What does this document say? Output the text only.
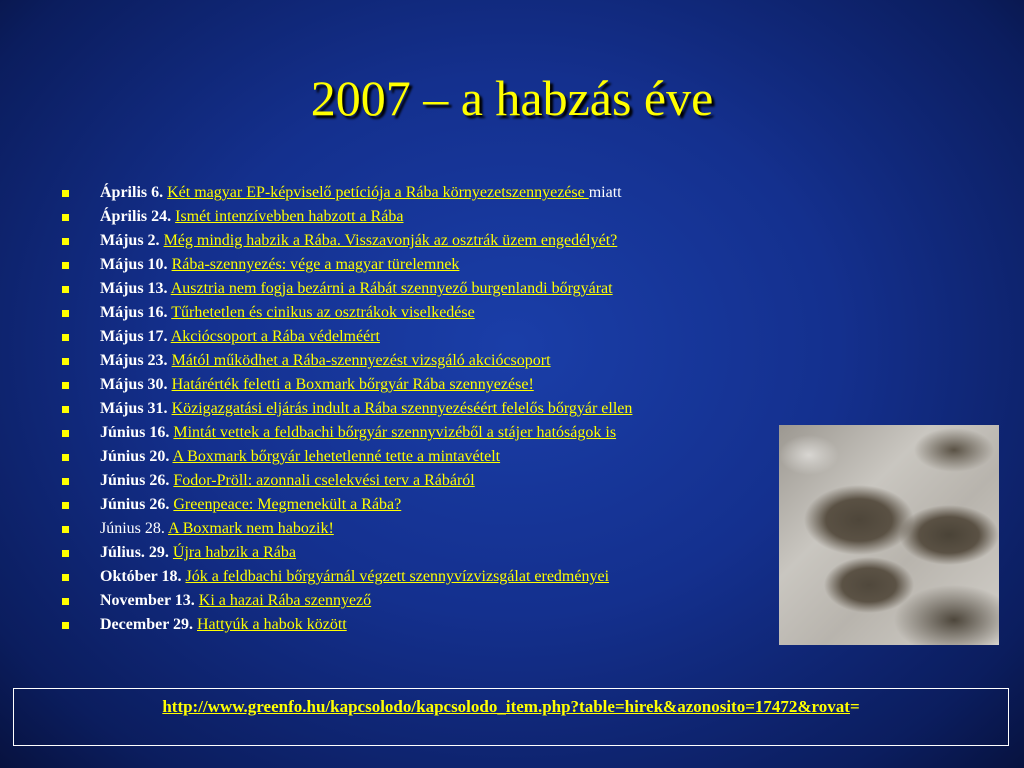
2007 – a habzás éve
Április 6. Két magyar EP-képviselő petíciója a Rába környezetszennyezése miatt
Április 24. Ismét intenzívebben habzott a Rába
Május 2. Még mindig habzik a Rába. Visszavonják az osztrák üzem engedélyét?
Május 10. Rába-szennyezés: vége a magyar türelemnek
Május 13. Ausztria nem fogja bezárni a Rábát szennyező burgenlandi bőrgyárat
Május 16. Tűrhetetlen és cinikus az osztrákok viselkedése
Május 17. Akciócsoport a Rába védelméért
Május 23. Mától működhet a Rába-szennyezést vizsgáló akciócsoport
Május 30. Határérték feletti a Boxmark bőrgyár Rába szennyezése!
Május 31. Közigazgatási eljárás indult a Rába szennyezéséért felelős bőrgyár ellen
Június 16. Mintát vettek a feldbachi bőrgyár szennyvizéből a stájer hatóságok is
Június 20. A Boxmark bőrgyár lehetetlenné tette a mintavételt
Június 26. Fodor-Pröll: azonnali cselekvési terv a Rábáról
Június 26. Greenpeace: Megmenekült a Rába?
Június 28. A Boxmark nem habozik!
Július. 29. Újra habzik a Rába
Október 18. Jók a feldbachi bőrgyárnál végzett szennyvízvizsgálat eredményei
November 13. Ki a hazai Rába szennyező
December 29. Hattyúk a habok között
http://www.greenfo.hu/kapcsolodo/kapcsolodo_item.php?table=hirek&azonosito=17472&rovat=
